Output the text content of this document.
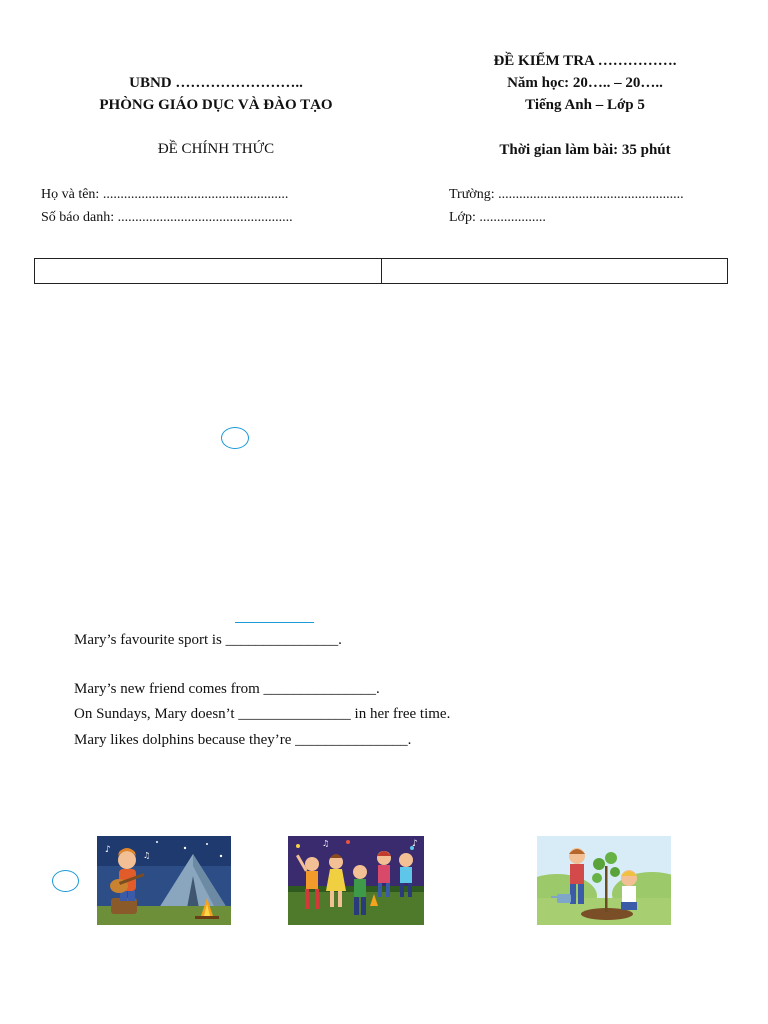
UBND ……………………..
PHÒNG GIÁO DỤC VÀ ĐÀO TẠO
ĐỀ CHÍNH THỨC
ĐỀ KIỂM TRA …………….
Năm học: 20….. – 20…..
Tiếng Anh – Lớp 5
Thời gian làm bài: 35 phút
Họ và tên: .....................................................
Số báo danh: ..................................................
Trường: .....................................................
Lớp: ...................
Mary’s favourite sport is _______________.
Mary’s new friend comes from _______________.
On Sundays, Mary doesn’t _______________ in her free time.
Mary likes dolphins because they’re _______________.
♪
♫
♪
♫
